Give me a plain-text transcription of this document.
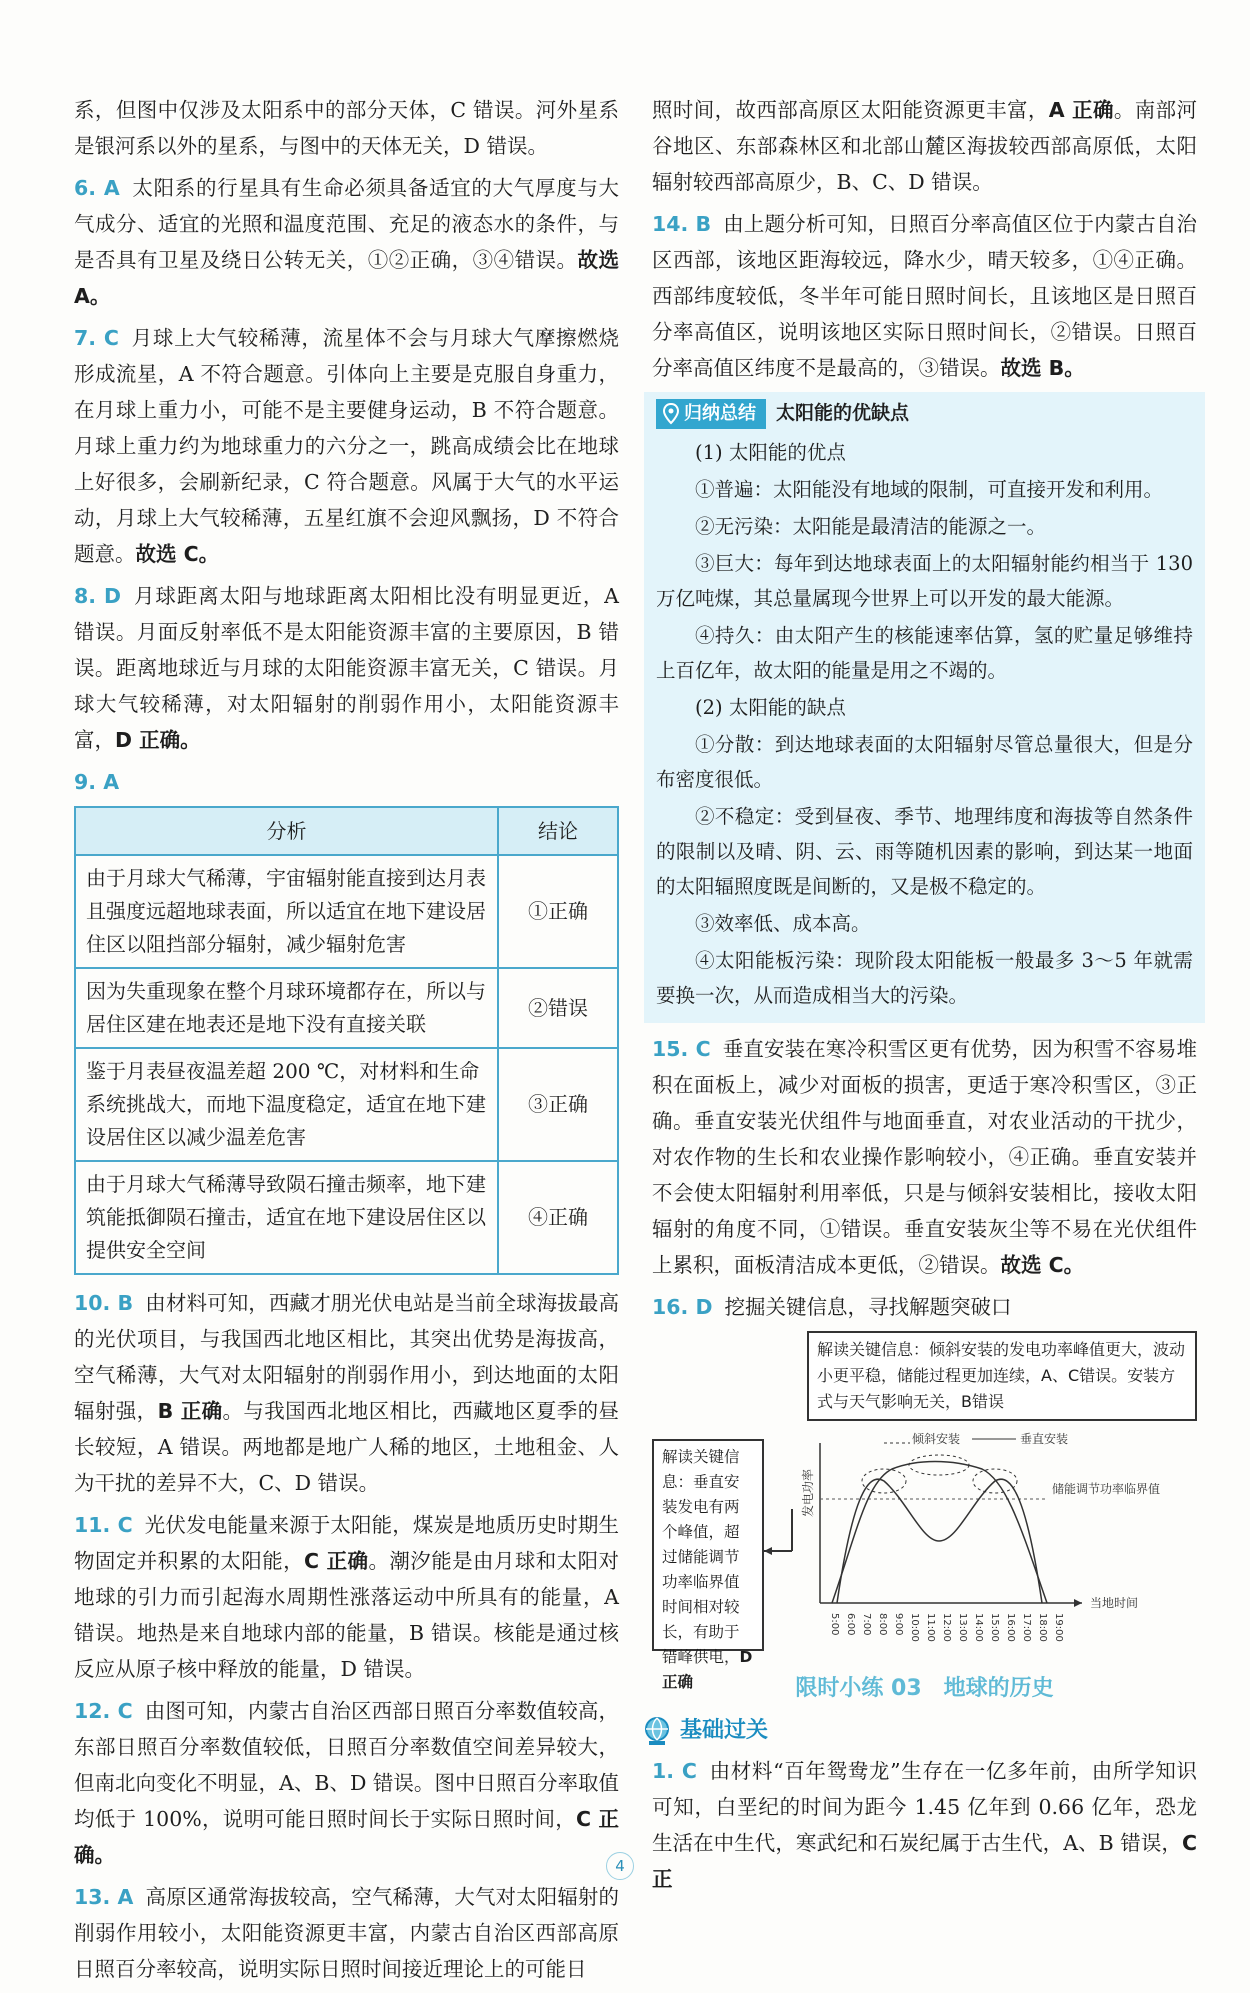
系，但图中仅涉及太阳系中的部分天体，C 错误。河外星系是银河系以外的星系，与图中的天体无关，D 错误。

6. A 太阳系的行星具有生命必须具备适宜的大气厚度与大气成分、适宜的光照和温度范围、充足的液态水的条件，与是否具有卫星及绕日公转无关，①②正确，③④错误。故选 A。

7. C 月球上大气较稀薄，流星体不会与月球大气摩擦燃烧形成流星，A 不符合题意。引体向上主要是克服自身重力，在月球上重力小，可能不是主要健身运动，B 不符合题意。月球上重力约为地球重力的六分之一，跳高成绩会比在地球上好很多，会刷新纪录，C 符合题意。风属于大气的水平运动，月球上大气较稀薄，五星红旗不会迎风飘扬，D 不符合题意。故选 C。

8. D 月球距离太阳与地球距离太阳相比没有明显更近，A 错误。月面反射率低不是太阳能资源丰富的主要原因，B 错误。距离地球近与月球的太阳能资源丰富无关，C 错误。月球大气较稀薄，对太阳辐射的削弱作用小，太阳能资源丰富，D 正确。

9. A

分析	结论
由于月球大气稀薄，宇宙辐射能直接到达月表且强度远超地球表面，所以适宜在地下建设居住区以阻挡部分辐射，减少辐射危害	①正确
因为失重现象在整个月球环境都存在，所以与居住区建在地表还是地下没有直接关联	②错误
鉴于月表昼夜温差超 200 ℃，对材料和生命系统挑战大，而地下温度稳定，适宜在地下建设居住区以减少温差危害	③正确
由于月球大气稀薄导致陨石撞击频率，地下建筑能抵御陨石撞击，适宜在地下建设居住区以提供安全空间	④正确

10. B 由材料可知，西藏才朋光伏电站是当前全球海拔最高的光伏项目，与我国西北地区相比，其突出优势是海拔高，空气稀薄，大气对太阳辐射的削弱作用小，到达地面的太阳辐射强，B 正确。与我国西北地区相比，西藏地区夏季的昼长较短，A 错误。两地都是地广人稀的地区，土地租金、人为干扰的差异不大，C、D 错误。

11. C 光伏发电能量来源于太阳能，煤炭是地质历史时期生物固定并积累的太阳能，C 正确。潮汐能是由月球和太阳对地球的引力而引起海水周期性涨落运动中所具有的能量，A 错误。地热是来自地球内部的能量，B 错误。核能是通过核反应从原子核中释放的能量，D 错误。

12. C 由图可知，内蒙古自治区西部日照百分率数值较高，东部日照百分率数值较低，日照百分率数值空间差异较大，但南北向变化不明显，A、B、D 错误。图中日照百分率取值均低于 100%，说明可能日照时间长于实际日照时间，C 正确。

13. A 高原区通常海拔较高，空气稀薄，大气对太阳辐射的削弱作用较小，太阳能资源更丰富，内蒙古自治区西部高原日照百分率较高，说明实际日照时间接近理论上的可能日

照时间，故西部高原区太阳能资源更丰富，A 正确。南部河谷地区、东部森林区和北部山麓区海拔较西部高原低，太阳辐射较西部高原少，B、C、D 错误。

14. B 由上题分析可知，日照百分率高值区位于内蒙古自治区西部，该地区距海较远，降水少，晴天较多，①④正确。西部纬度较低，冬半年可能日照时间长，且该地区是日照百分率高值区，说明该地区实际日照时间长，②错误。日照百分率高值区纬度不是最高的，③错误。故选 B。

归纳总结 太阳能的优缺点

(1) 太阳能的优点

①普遍：太阳能没有地域的限制，可直接开发和利用。

②无污染：太阳能是最清洁的能源之一。

③巨大：每年到达地球表面上的太阳辐射能约相当于 130 万亿吨煤，其总量属现今世界上可以开发的最大能源。

④持久：由太阳产生的核能速率估算，氢的贮量足够维持上百亿年，故太阳的能量是用之不竭的。

(2) 太阳能的缺点

①分散：到达地球表面的太阳辐射尽管总量很大，但是分布密度很低。

②不稳定：受到昼夜、季节、地理纬度和海拔等自然条件的限制以及晴、阴、云、雨等随机因素的影响，到达某一地面的太阳辐照度既是间断的，又是极不稳定的。

③效率低、成本高。

④太阳能板污染：现阶段太阳能板一般最多 3～5 年就需要换一次，从而造成相当大的污染。

15. C 垂直安装在寒冷积雪区更有优势，因为积雪不容易堆积在面板上，减少对面板的损害，更适于寒冷积雪区，③正确。垂直安装光伏组件与地面垂直，对农业活动的干扰少，对农作物的生长和农业操作影响较小，④正确。垂直安装并不会使太阳辐射利用率低，只是与倾斜安装相比，接收太阳辐射的角度不同，①错误。垂直安装灰尘等不易在光伏组件上累积，面板清洁成本更低，②错误。故选 C。

16. D 挖掘关键信息，寻找解题突破口

解读关键信息：倾斜安装的发电功率峰值更大，波动小更平稳，储能过程更加连续，A、C错误。安装方式与天气影响无关，B错误
解读关键信息：垂直安装发电有两个峰值，超过储能调节功率临界值时间相对较长，有助于错峰供电，D正确
发电功率
当地时间
储能调节功率临界值
倾斜安装	垂直安装
5:00 6:00 7:00 8:00 9:00 10:00 11:00 12:00 13:00 14:00 15:00 16:00 17:00 18:00 19:00
限时小练 03　地球的历史
基础过关

1. C 由材料“百年鸳鸯龙”生存在一亿多年前，由所学知识可知，白垩纪的时间为距今 1.45 亿年到 0.66 亿年，恐龙生活在中生代，寒武纪和石炭纪属于古生代，A、B 错误，C 正

4
